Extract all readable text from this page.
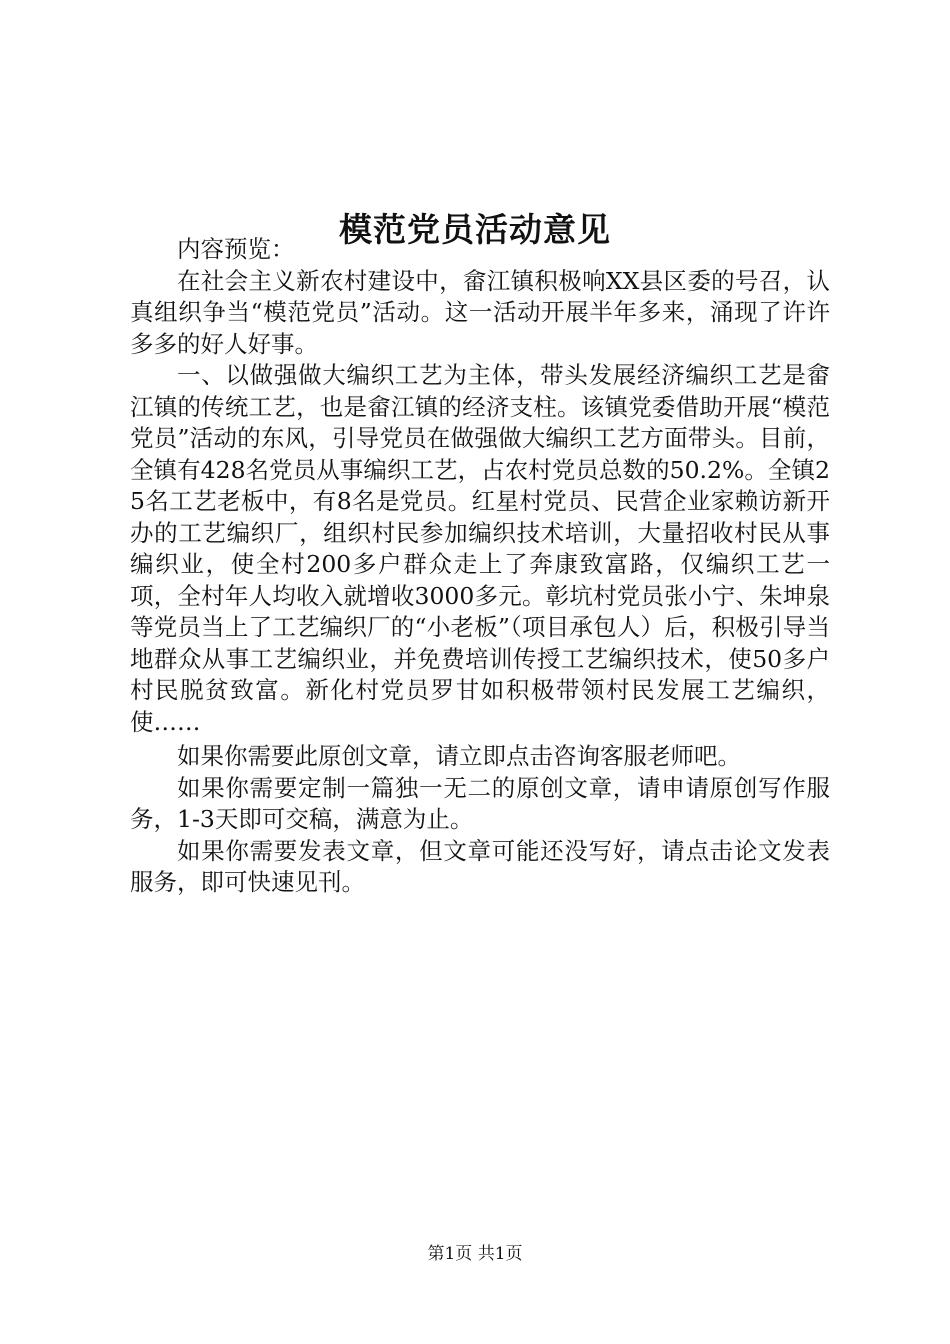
模范党员活动意见

内容预览：

在社会主义新农村建设中，畲江镇积极响XX县区委的号召，认真组织争当“模范党员”活动。这一活动开展半年多来，涌现了许许多多的好人好事。

一、以做强做大编织工艺为主体，带头发展经济编织工艺是畲江镇的传统工艺，也是畲江镇的经济支柱。该镇党委借助开展“模范党员”活动的东风，引导党员在做强做大编织工艺方面带头。目前，全镇有428名党员从事编织工艺，占农村党员总数的50.2%。全镇25名工艺老板中，有8名是党员。红星村党员、民营企业家赖访新开办的工艺编织厂，组织村民参加编织技术培训，大量招收村民从事编织业，使全村200多户群众走上了奔康致富路，仅编织工艺一项，全村年人均收入就增收3000多元。彰坑村党员张小宁、朱坤泉等党员当上了工艺编织厂的“小老板”（项目承包人）后，积极引导当地群众从事工艺编织业，并免费培训传授工艺编织技术，使50多户村民脱贫致富。新化村党员罗甘如积极带领村民发展工艺编织，使……

如果你需要此原创文章，请立即点击咨询客服老师吧。

如果你需要定制一篇独一无二的原创文章，请申请原创写作服务，1-3天即可交稿，满意为止。

如果你需要发表文章，但文章可能还没写好，请点击论文发表服务，即可快速见刊。

第1页 共1页
